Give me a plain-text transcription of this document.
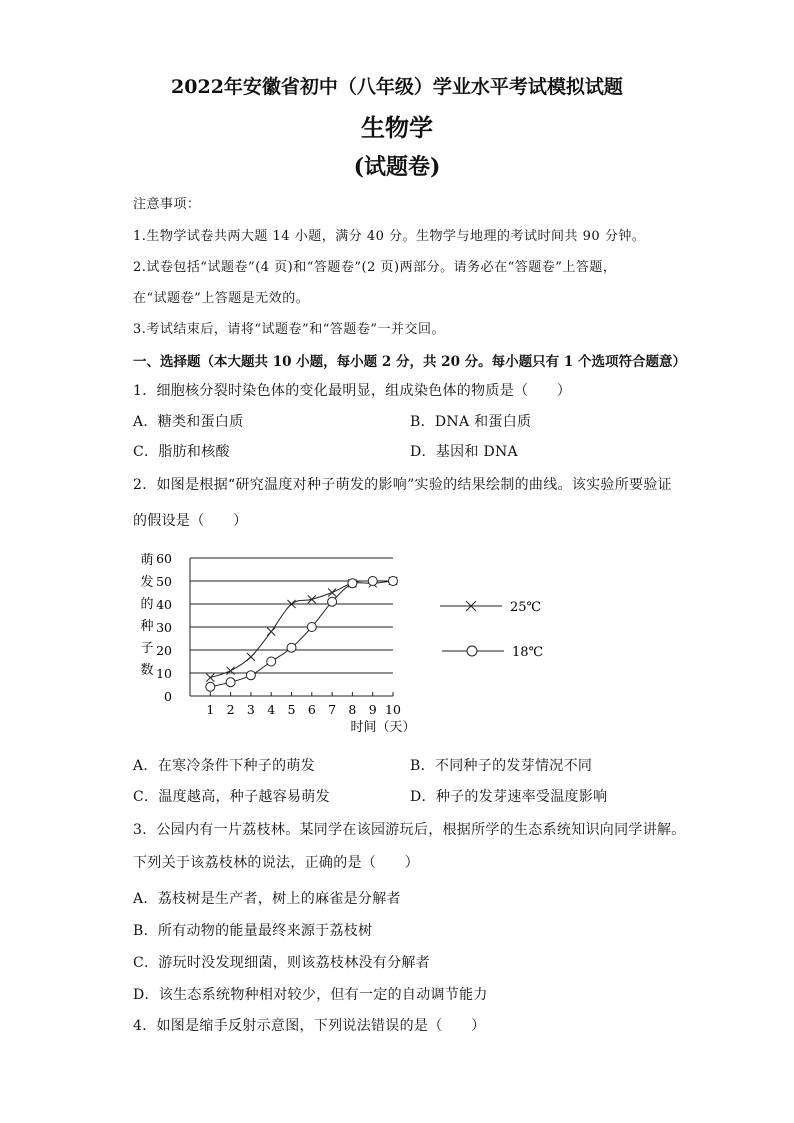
2022年安徽省初中（八年级）学业水平考试模拟试题
生物学
(试题卷)
注意事项：
1.生物学试卷共两大题 14 小题，满分 40 分。生物学与地理的考试时间共 90 分钟。
2.试卷包括“试题卷”(4 页)和“答题卷”(2 页)两部分。请务必在“答题卷”上答题，
在“试题卷”上答题是无效的。
3.考试结束后，请将“试题卷”和“答题卷”一并交回。
一、选择题（本大题共 10 小题，每小题 2 分，共 20 分。每小题只有 1 个选项符合题意）
1．细胞核分裂时染色体的变化最明显，组成染色体的物质是（　　）
A．糖类和蛋白质	B．DNA 和蛋白质
C．脂肪和核酸	D．基因和 DNA
2．如图是根据“研究温度对种子萌发的影响”实验的结果绘制的曲线。该实验所要验证
的假设是（　　）
萌
发
的
种
子
数
0
10
20
30
40
50
60
1 2 3 4 5 6 7 8 9 10
时间（天）
25℃
18℃
A．在寒冷条件下种子的萌发	B．不同种子的发芽情况不同
C．温度越高，种子越容易萌发	D．种子的发芽速率受温度影响
3．公园内有一片荔枝林。某同学在该园游玩后，根据所学的生态系统知识向同学讲解。
下列关于该荔枝林的说法，正确的是（　　）
A．荔枝树是生产者，树上的麻雀是分解者
B．所有动物的能量最终来源于荔枝树
C．游玩时没发现细菌，则该荔枝林没有分解者
D．该生态系统物种相对较少，但有一定的自动调节能力
4．如图是缩手反射示意图，下列说法错误的是（　　）
